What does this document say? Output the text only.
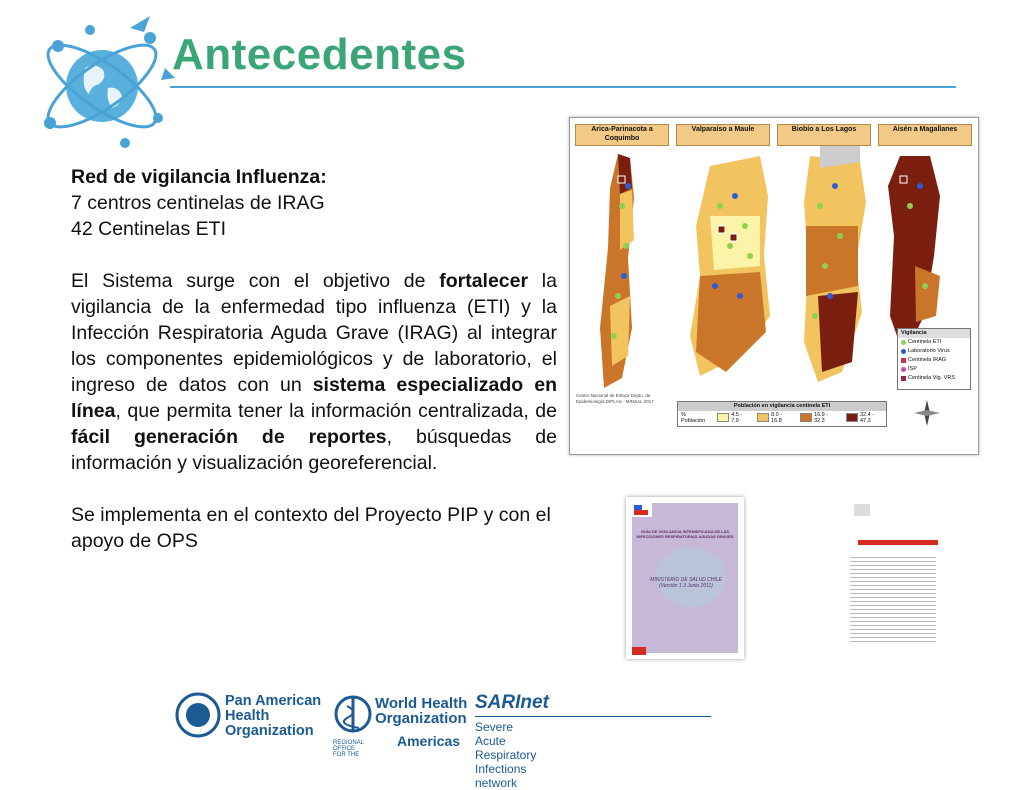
Antecedentes

Red de vigilancia Influenza:

7 centros centinelas de IRAG

42 Centinelas ETI

El Sistema surge con el objetivo de fortalecer la vigilancia de la enfermedad tipo influenza (ETI) y la Infección Respiratoria Aguda Grave (IRAG) al integrar los componentes epidemiológicos y de laboratorio, el ingreso de datos con un sistema especializado en línea, que permita tener la información centralizada, de fácil generación de reportes, búsquedas de información y visualización georeferencial.

Se implementa en el contexto del Proyecto PIP y con el apoyo de OPS

Arica-Parinacota a Coquimbo
Valparaíso a Maule	Biobío a Los Lagos	Aisén a Magallanes
Vigilancia
Centinela ETI
Laboratorio Virus
Centinela IRAG
ISP
Centinela Vig. VRS
Centro Nacional de Enlace Depto. de Epidemiología DIPLAS - MINSAL 2017
Población en vigilancia centinela ETI
% Población
4.5 - 7.9
8.0 - 16.8
16.9 - 32.3
32.4 - 47.3
GUÍA DE VIGILANCIA INTENSIFICADA DE LAS INFECCIONES RESPIRATORIAS AGUDAS GRAVES
MINISTERIO DE SALUD CHILE (Versión 1.3 Junio 2011)
Pan American
Health
Organization
World Health
Organization
REGIONAL OFFICE FOR THE
Americas
SARInet
Severe Acute Respiratory Infections network
